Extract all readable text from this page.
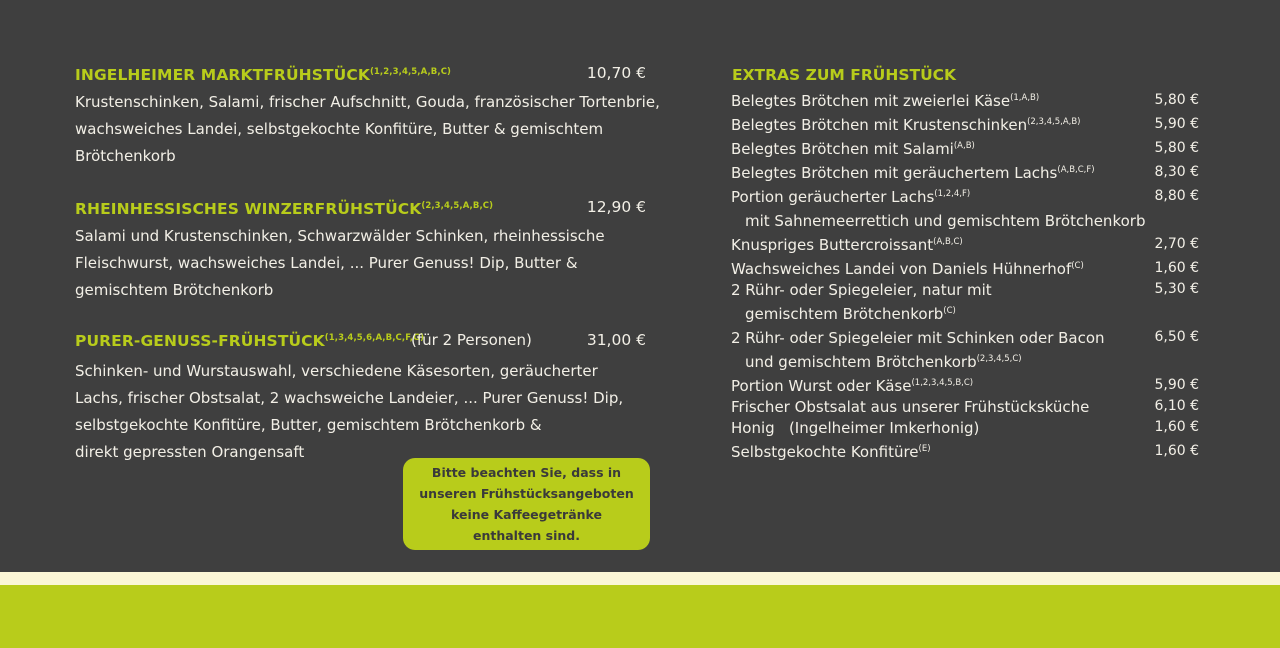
INGELHEIMER $MARKTFRÜHSTÜCK^{(1,2,3,4,5,A,B,C)}$	10,70 €
Krustenschinken, Salami, frischer Aufschnitt, Gouda, französischer Tortenbrie,
wachsweiches Landei, selbstgekochte Konfitüre, Butter & gemischtem
Brötchenkorb
RHEINHESSISCHES $WINZERFRÜHSTÜCK^{(2,3,4,5,A,B,C)}$	12,90 €
Salami und Krustenschinken, Schwarzwälder Schinken, rheinhessische
Fleischwurst, wachsweiches Landei, ... Purer Genuss! Dip, Butter &
gemischtem Brötchenkorb
PURER-$GENUSS-FRÜHSTÜCK^{(1,3,4,5,6,A,B,C,F,G)}$
(für 2 Personen)	31,00 €
Schinken- und Wurstauswahl, verschiedene Käsesorten, geräucherter
Lachs, frischer Obstsalat, 2 wachsweiche Landeier, ... Purer Genuss! Dip,
selbstgekochte Konfitüre, Butter, gemischtem Brötchenkorb &
direkt gepressten Orangensaft
Bitte beachten Sie, dass in
unseren Frühstücksangeboten
keine Kaffeegetränke
enthalten sind.
EXTRAS ZUM FRÜHSTÜCK
Belegtes Brötchen mit zweierlei Käse$^{(1,A,B)}$	5,80 €
Belegtes Brötchen mit Krustenschinken$^{(2,3,4,5,A,B)}$	5,90 €
Belegtes Brötchen mit Salami$^{(A,B)}$	5,80 €
Belegtes Brötchen mit geräuchertem Lachs$^{(A,B,C,F)}$	8,30 €
Portion geräucherter Lachs$^{(1,2,4,F)}$	8,80 €
mit Sahnemeerrettich und gemischtem Brötchenkorb
Knuspriges Buttercroissant$^{(A,B,C)}$	2,70 €
Wachsweiches Landei von Daniels Hühnerhof$^{(C)}$	1,60 €
2 Rühr- oder Spiegeleier, natur mit	5,30 €
gemischtem Brötchenkorb$^{(C)}$
2 Rühr- oder Spiegeleier mit Schinken oder Bacon	6,50 €
und gemischtem Brötchenkorb$^{(2,3,4,5,C)}$
Portion Wurst oder Käse$^{(1,2,3,4,5,B,C)}$	5,90 €
Frischer Obstsalat aus unserer Frühstücksküche	6,10 €
Honig   (Ingelheimer Imkerhonig)	1,60 €
Selbstgekochte Konfitüre$^{(E)}$	1,60 €
